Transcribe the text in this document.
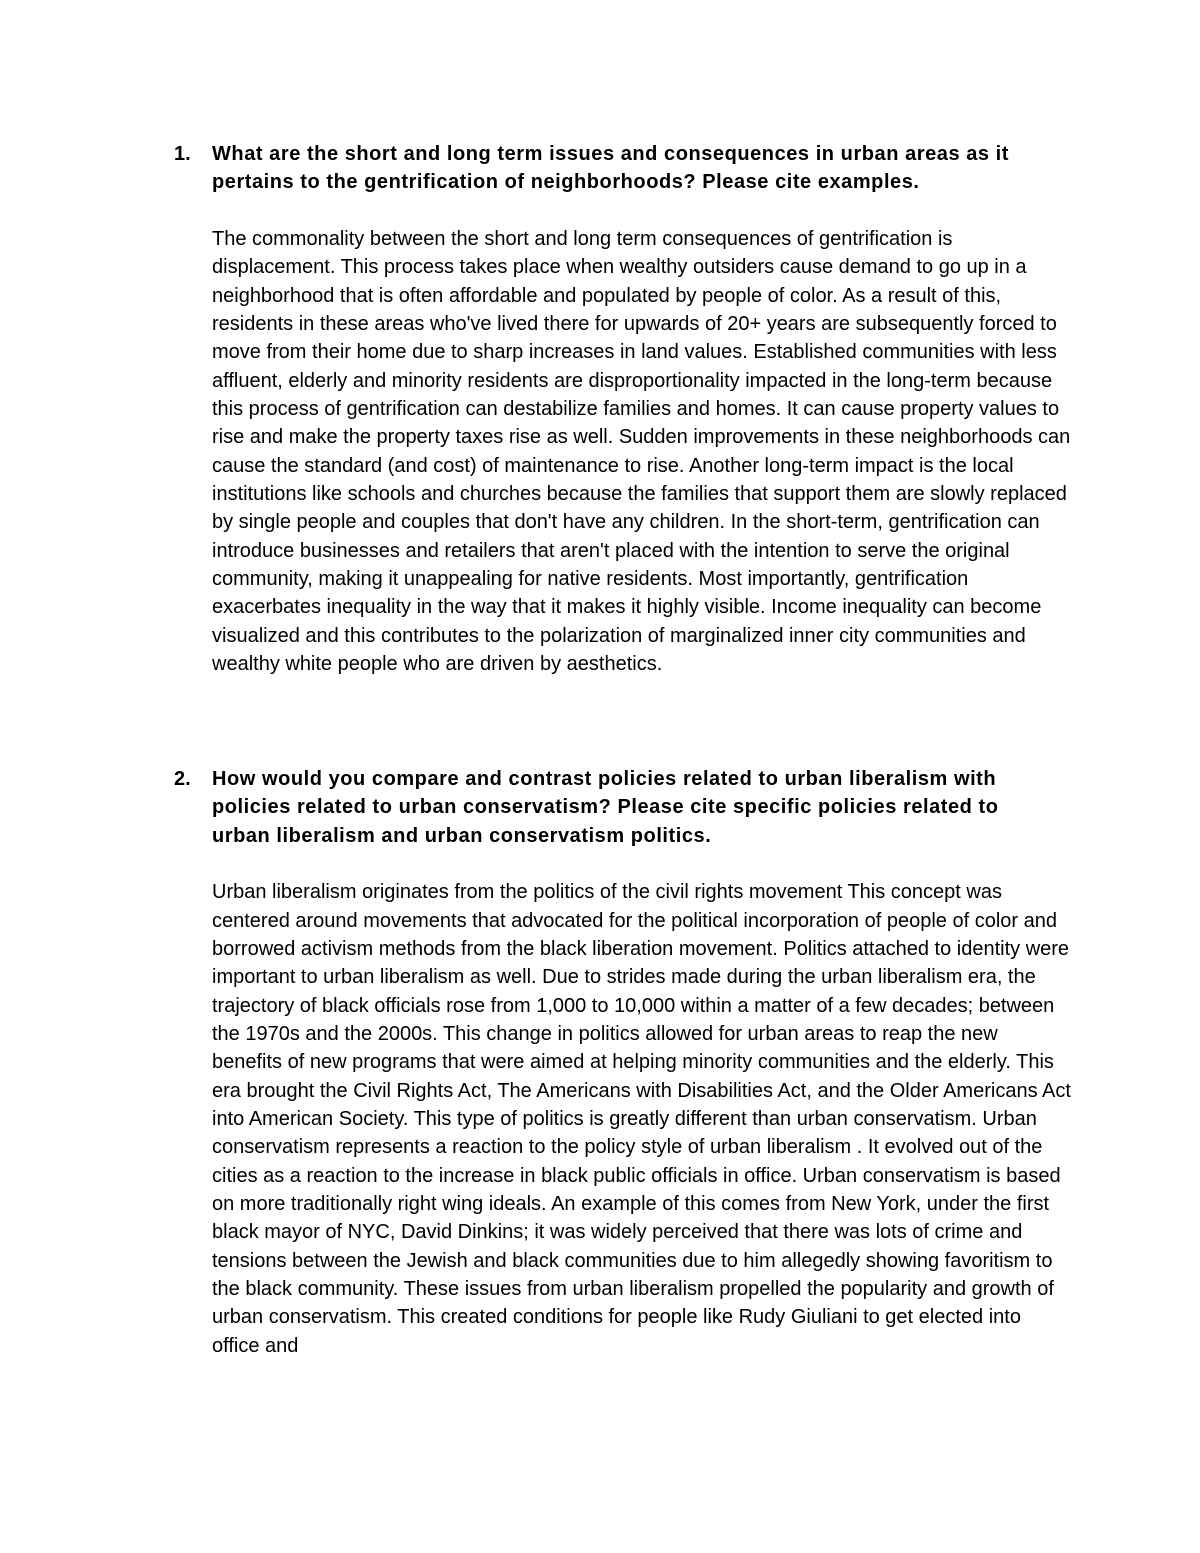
1. What are the short and long term issues and consequences in urban areas as it pertains to the gentrification of neighborhoods? Please cite examples.
The commonality between the short and long term consequences of gentrification is displacement. This process takes place when wealthy outsiders cause demand to go up in a neighborhood that is often affordable and populated by people of color. As a result of this, residents in these areas who've lived there for upwards of 20+ years are subsequently forced to move from their home due to sharp increases in land values. Established communities with less affluent, elderly and minority residents are disproportionality impacted in the long-term because this process of gentrification can destabilize families and homes. It can cause property values to rise and make the property taxes rise as well. Sudden improvements in these neighborhoods can cause the standard (and cost) of maintenance to rise. Another long-term impact is the local institutions like schools and churches because the families that support them are slowly replaced by single people and couples that don't have any children. In the short-term, gentrification can introduce businesses and retailers that aren't placed with the intention to serve the original community, making it unappealing for native residents. Most importantly, gentrification exacerbates inequality in the way that it makes it highly visible. Income inequality can become visualized and this contributes to the polarization of marginalized inner city communities and wealthy white people who are driven by aesthetics.
2. How would you compare and contrast policies related to urban liberalism with policies related to urban conservatism? Please cite specific policies related to urban liberalism and urban conservatism politics.
Urban liberalism originates from the politics of the civil rights movement This concept was centered around movements that advocated for the political incorporation of people of color and borrowed activism methods from the black liberation movement. Politics attached to identity were important to urban liberalism as well. Due to strides made during the urban liberalism era, the trajectory of black officials rose from 1,000 to 10,000 within a matter of a few decades; between the 1970s and the 2000s. This change in politics allowed for urban areas to reap the new benefits of new programs that were aimed at helping minority communities and the elderly. This era brought the Civil Rights Act, The Americans with Disabilities Act, and the Older Americans Act into American Society. This type of politics is greatly different than urban conservatism. Urban conservatism represents a reaction to the policy style of urban liberalism . It evolved out of the cities as a reaction to the increase in black public officials in office. Urban conservatism is based on more traditionally right wing ideals. An example of this comes from New York, under the first black mayor of NYC, David Dinkins; it was widely perceived that there was lots of crime and tensions between the Jewish and black communities due to him allegedly showing favoritism to the black community. These issues from urban liberalism propelled the popularity and growth of urban conservatism. This created conditions for people like Rudy Giuliani to get elected into office and
